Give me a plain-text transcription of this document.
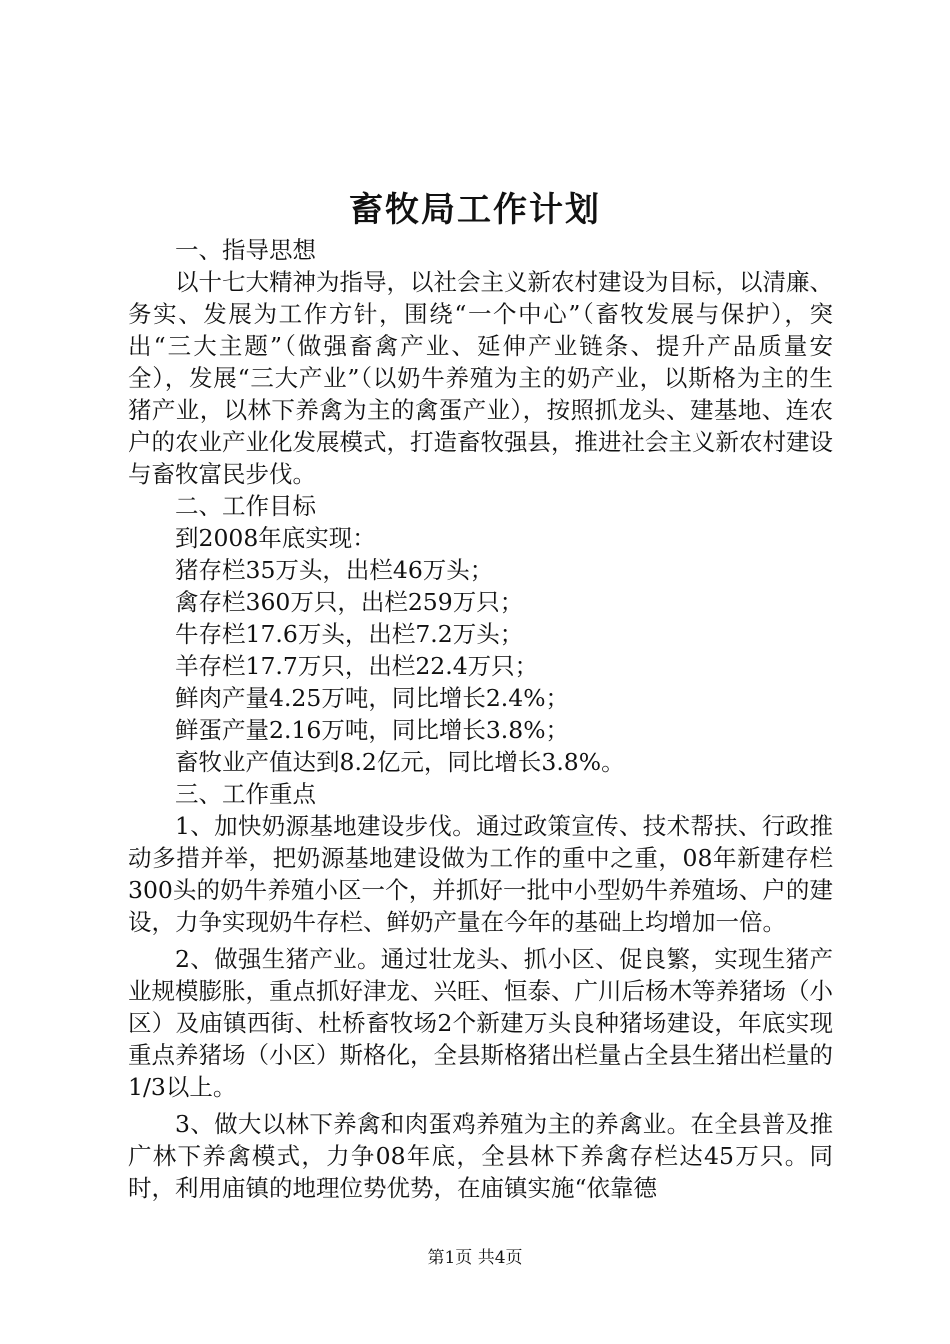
畜牧局工作计划

一、指导思想

以十七大精神为指导，以社会主义新农村建设为目标，以清廉、务实、发展为工作方针，围绕“一个中心”（畜牧发展与保护），突出“三大主题”（做强畜禽产业、延伸产业链条、提升产品质量安全），发展“三大产业”（以奶牛养殖为主的奶产业，以斯格为主的生猪产业，以林下养禽为主的禽蛋产业），按照抓龙头、建基地、连农户的农业产业化发展模式，打造畜牧强县，推进社会主义新农村建设与畜牧富民步伐。

二、工作目标

到2008年底实现：

猪存栏35万头，出栏46万头；

禽存栏360万只，出栏259万只；

牛存栏17.6万头，出栏7.2万头；

羊存栏17.7万只，出栏22.4万只；

鲜肉产量4.25万吨，同比增长2.4%；

鲜蛋产量2.16万吨，同比增长3.8%；

畜牧业产值达到8.2亿元，同比增长3.8%。

三、工作重点

1、加快奶源基地建设步伐。通过政策宣传、技术帮扶、行政推动多措并举，把奶源基地建设做为工作的重中之重，08年新建存栏300头的奶牛养殖小区一个，并抓好一批中小型奶牛养殖场、户的建设，力争实现奶牛存栏、鲜奶产量在今年的基础上均增加一倍。

2、做强生猪产业。通过壮龙头、抓小区、促良繁，实现生猪产业规模膨胀，重点抓好津龙、兴旺、恒泰、广川后杨木等养猪场（小区）及庙镇西街、杜桥畜牧场2个新建万头良种猪场建设，年底实现重点养猪场（小区）斯格化，全县斯格猪出栏量占全县生猪出栏量的1/3以上。

3、做大以林下养禽和肉蛋鸡养殖为主的养禽业。在全县普及推广林下养禽模式，力争08年底，全县林下养禽存栏达45万只。同时，利用庙镇的地理位势优势，在庙镇实施“依靠德

第1页 共4页
